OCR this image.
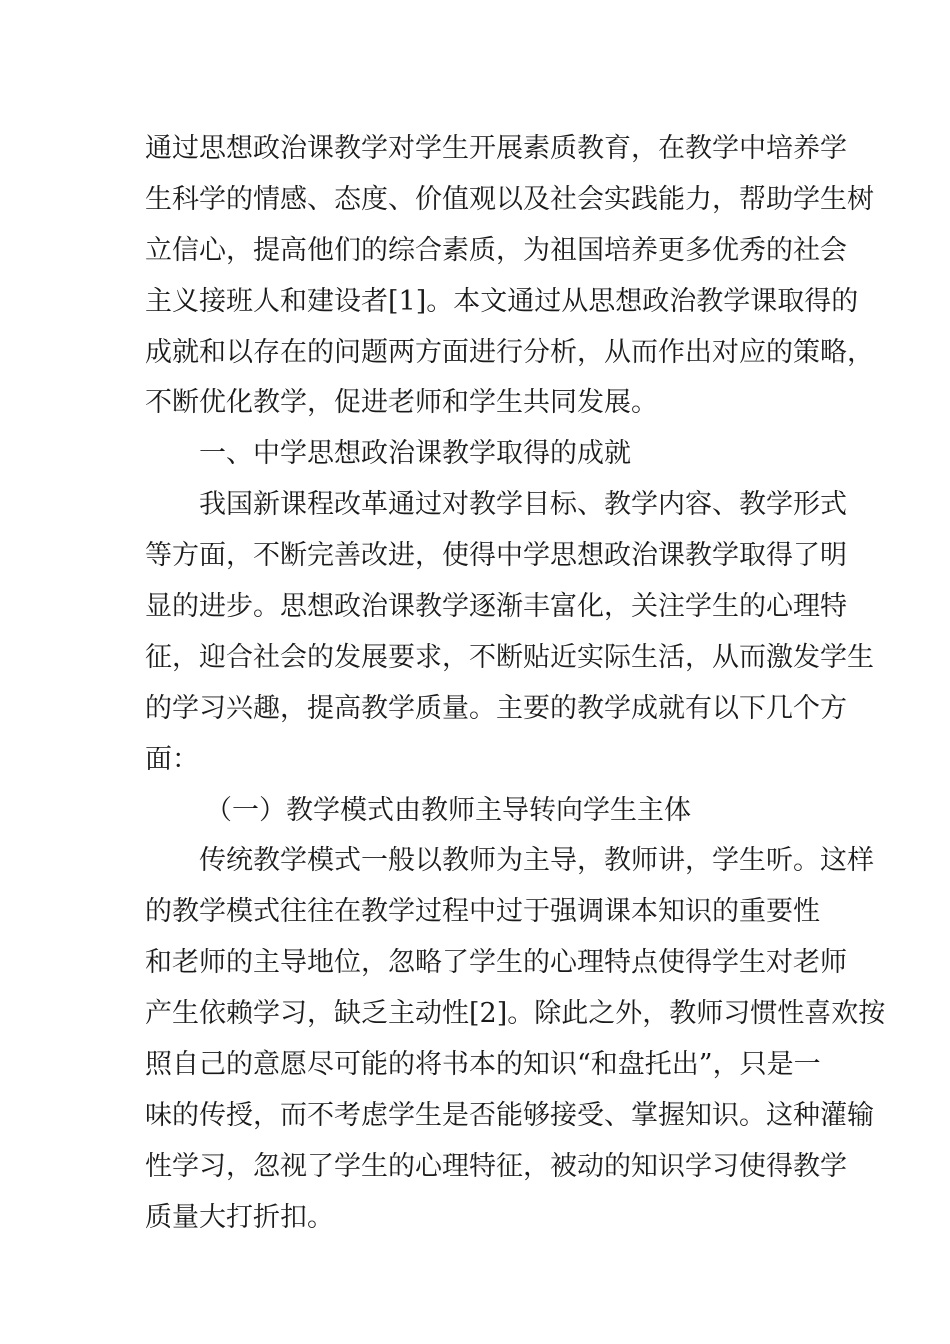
通过思想政治课教学对学生开展素质教育，在教学中培养学
生科学的情感、态度、价值观以及社会实践能力，帮助学生树
立信心，提高他们的综合素质，为祖国培养更多优秀的社会
主义接班人和建设者[1]。本文通过从思想政治教学课取得的
成就和以存在的问题两方面进行分析，从而作出对应的策略，
不断优化教学，促进老师和学生共同发展。
一、中学思想政治课教学取得的成就
我国新课程改革通过对教学目标、教学内容、教学形式
等方面，不断完善改进，使得中学思想政治课教学取得了明
显的进步。思想政治课教学逐渐丰富化，关注学生的心理特
征，迎合社会的发展要求，不断贴近实际生活，从而激发学生
的学习兴趣，提高教学质量。主要的教学成就有以下几个方
面：
（一）教学模式由教师主导转向学生主体
传统教学模式一般以教师为主导，教师讲，学生听。这样
的教学模式往往在教学过程中过于强调课本知识的重要性
和老师的主导地位，忽略了学生的心理特点使得学生对老师
产生依赖学习，缺乏主动性[2]。除此之外，教师习惯性喜欢按
照自己的意愿尽可能的将书本的知识“和盘托出”，只是一
味的传授，而不考虑学生是否能够接受、掌握知识。这种灌输
性学习，忽视了学生的心理特征，被动的知识学习使得教学
质量大打折扣。
